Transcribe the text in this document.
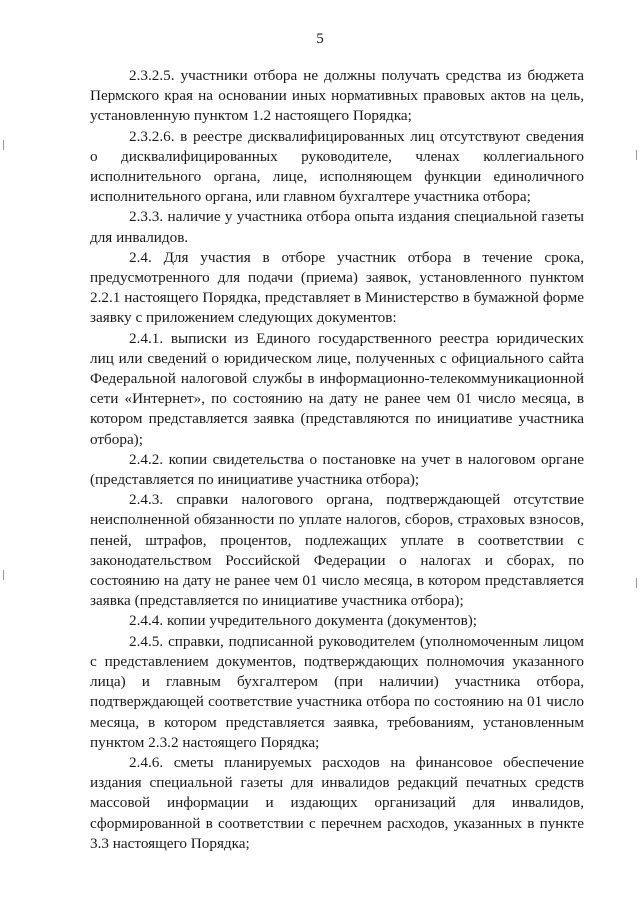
5

2.3.2.5. участники отбора не должны получать средства из бюджета Пермского края на основании иных нормативных правовых актов на цель, установленную пунктом 1.2 настоящего Порядка;

2.3.2.6. в реестре дисквалифицированных лиц отсутствуют сведения о дисквалифицированных руководителе, членах коллегиального исполнительного органа, лице, исполняющем функции единоличного исполнительного органа, или главном бухгалтере участника отбора;

2.3.3. наличие у участника отбора опыта издания специальной газеты для инвалидов.

2.4. Для участия в отборе участник отбора в течение срока, предусмотренного для подачи (приема) заявок, установленного пунктом 2.2.1 настоящего Порядка, представляет в Министерство в бумажной форме заявку с приложением следующих документов:

2.4.1. выписки из Единого государственного реестра юридических лиц или сведений о юридическом лице, полученных с официального сайта Федеральной налоговой службы в информационно-телекоммуникационной сети «Интернет», по состоянию на дату не ранее чем 01 число месяца, в котором представляется заявка (представляются по инициативе участника отбора);

2.4.2. копии свидетельства о постановке на учет в налоговом органе (представляется по инициативе участника отбора);

2.4.3. справки налогового органа, подтверждающей отсутствие неисполненной обязанности по уплате налогов, сборов, страховых взносов, пеней, штрафов, процентов, подлежащих уплате в соответствии с законодательством Российской Федерации о налогах и сборах, по состоянию на дату не ранее чем 01 число месяца, в котором представляется заявка (представляется по инициативе участника отбора);

2.4.4. копии учредительного документа (документов);

2.4.5. справки, подписанной руководителем (уполномоченным лицом с представлением документов, подтверждающих полномочия указанного лица) и главным бухгалтером (при наличии) участника отбора, подтверждающей соответствие участника отбора по состоянию на 01 число месяца, в котором представляется заявка, требованиям, установленным пунктом 2.3.2 настоящего Порядка;

2.4.6. сметы планируемых расходов на финансовое обеспечение издания специальной газеты для инвалидов редакций печатных средств массовой информации и издающих организаций для инвалидов, сформированной в соответствии с перечнем расходов, указанных в пункте 3.3 настоящего Порядка;
